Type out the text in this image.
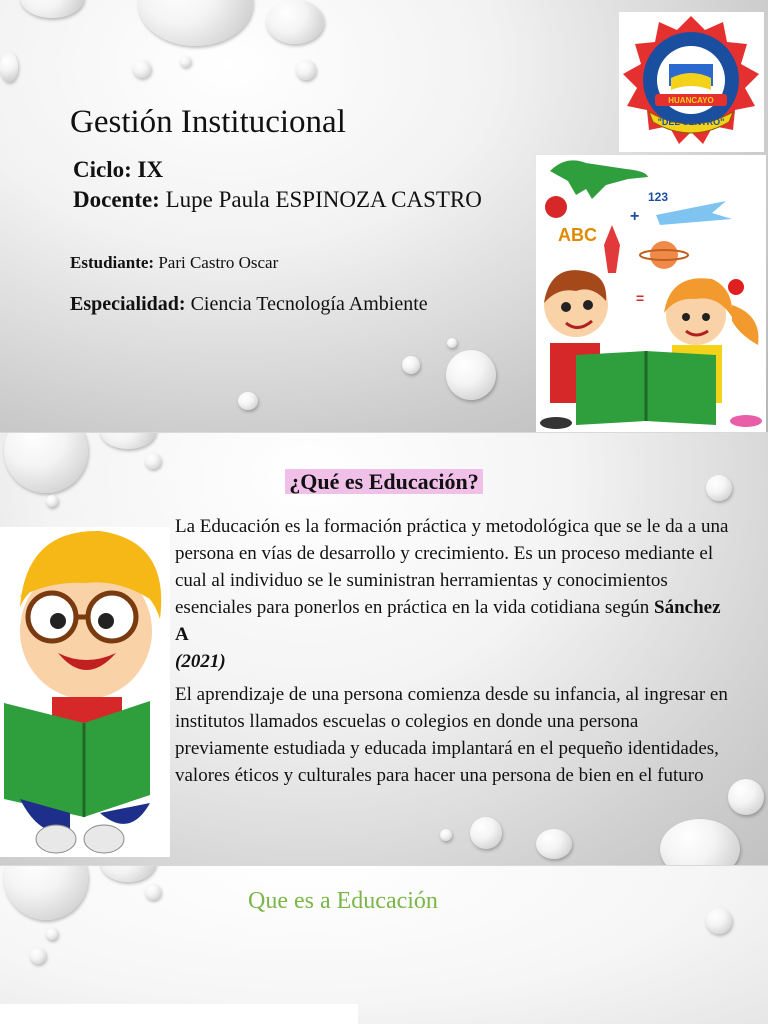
Gestión Institucional
Ciclo: IX
Docente: Lupe Paula ESPINOZA CASTRO
Estudiante: Pari Castro Oscar
Especialidad: Ciencia Tecnología Ambiente
HUANCAYO
"DEL CENTRO"
ABC
123
+
=
¿Qué es Educación?
La Educación es la formación práctica y metodológica que se le da a una persona en vías de desarrollo y crecimiento. Es un proceso mediante el cual al individuo se le suministran herramientas y conocimientos esenciales para ponerlos en práctica en la vida cotidiana según Sánchez A
(2021)
El aprendizaje de una persona comienza desde su infancia, al ingresar en institutos llamados escuelas o colegios en donde una persona previamente estudiada y educada implantará en el pequeño identidades, valores éticos y culturales para hacer una persona de bien en el futuro
Que es a Educación
